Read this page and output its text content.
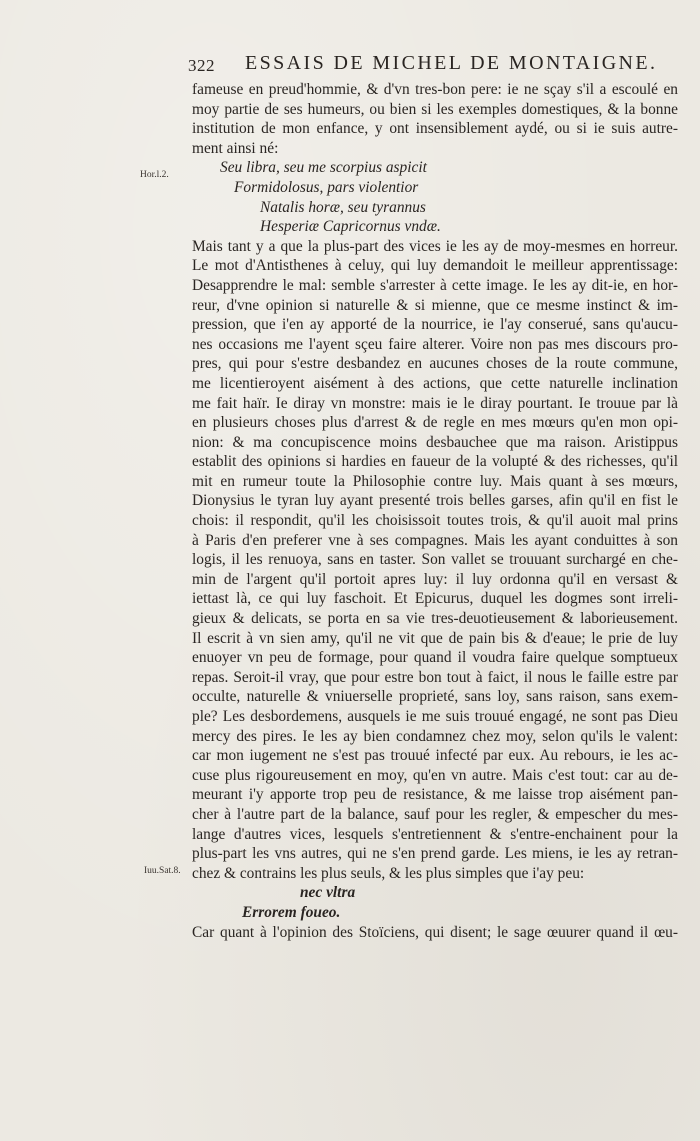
322 ESSAIS DE MICHEL DE MONTAIGNE.
Hor.l.2.
Iuu.Sat.8.
fameuse en preud'hommie, & d'vn tres-bon pere: ie ne sçay s'il a escoulé en
moy partie de ses humeurs, ou bien si les exemples domestiques, & la bonne
institution de mon enfance, y ont insensiblement aydé, ou si ie suis autre-
ment ainsi né:
Seu libra, seu me scorpius aspicit
Formidolosus, pars violentior
Natalis horæ, seu tyrannus
Hesperiæ Capricornus vndæ.
Mais tant y a que la plus-part des vices ie les ay de moy-mesmes en horreur.
Le mot d'Antisthenes à celuy, qui luy demandoit le meilleur apprentissage:
Desapprendre le mal: semble s'arrester à cette image. Ie les ay dit-ie, en hor-
reur, d'vne opinion si naturelle & si mienne, que ce mesme instinct & im-
pression, que i'en ay apporté de la nourrice, ie l'ay conserué, sans qu'aucu-
nes occasions me l'ayent sçeu faire alterer. Voire non pas mes discours pro-
pres, qui pour s'estre desbandez en aucunes choses de la route commune,
me licentieroyent aisément à des actions, que cette naturelle inclination
me fait haïr. Ie diray vn monstre: mais ie le diray pourtant. Ie trouue par là
en plusieurs choses plus d'arrest & de regle en mes mœurs qu'en mon opi-
nion: & ma concupiscence moins desbauchee que ma raison. Aristippus
establit des opinions si hardies en faueur de la volupté & des richesses, qu'il
mit en rumeur toute la Philosophie contre luy. Mais quant à ses mœurs,
Dionysius le tyran luy ayant presenté trois belles garses, afin qu'il en fist le
chois: il respondit, qu'il les choisissoit toutes trois, & qu'il auoit mal prins
à Paris d'en preferer vne à ses compagnes. Mais les ayant conduittes à son
logis, il les renuoya, sans en taster. Son vallet se trouuant surchargé en che-
min de l'argent qu'il portoit apres luy: il luy ordonna qu'il en versast &
iettast là, ce qui luy faschoit. Et Epicurus, duquel les dogmes sont irreli-
gieux & delicats, se porta en sa vie tres-deuotieusement & laborieusement.
Il escrit à vn sien amy, qu'il ne vit que de pain bis & d'eaue; le prie de luy
enuoyer vn peu de formage, pour quand il voudra faire quelque somptueux
repas. Seroit-il vray, que pour estre bon tout à faict, il nous le faille estre par
occulte, naturelle & vniuerselle proprieté, sans loy, sans raison, sans exem-
ple? Les desbordemens, ausquels ie me suis trouué engagé, ne sont pas Dieu
mercy des pires. Ie les ay bien condamnez chez moy, selon qu'ils le valent:
car mon iugement ne s'est pas trouué infecté par eux. Au rebours, ie les ac-
cuse plus rigoureusement en moy, qu'en vn autre. Mais c'est tout: car au de-
meurant i'y apporte trop peu de resistance, & me laisse trop aisément pan-
cher à l'autre part de la balance, sauf pour les regler, & empescher du mes-
lange d'autres vices, lesquels s'entretiennent & s'entre-enchainent pour la
plus-part les vns autres, qui ne s'en prend garde. Les miens, ie les ay retran-
chez & contrains les plus seuls, & les plus simples que i'ay peu:
nec vltra
Errorem foueo.
Car quant à l'opinion des Stoïciens, qui disent; le sage œuurer quand il œu-
